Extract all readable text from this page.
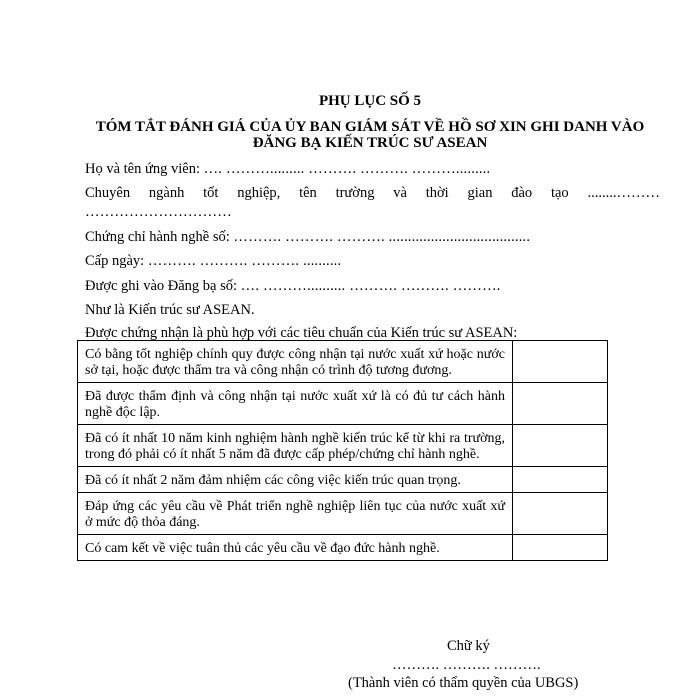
PHỤ LỤC SỐ 5
TÓM TẮT ĐÁNH GIÁ CỦA ỦY BAN GIÁM SÁT VỀ HỒ SƠ XIN GHI DANH VÀO
ĐĂNG BẠ KIẾN TRÚC SƯ ASEAN
Họ và tên ứng viên: …. ………......... ………. ………. ……….........
Chuyên ngành tốt nghiệp, tên trường và thời gian đào tạo ........………
…………………………
Chứng chỉ hành nghề số: ………. ………. ………. .....................................
Cấp ngày: ………. ………. ………. ..........
Được ghi vào Đăng bạ số: …. ……….......... ………. ………. ……….
Như là Kiến trúc sư ASEAN.
Được chứng nhận là phù hợp với các tiêu chuẩn của Kiến trúc sư ASEAN:
Có bằng tốt nghiệp chính quy được công nhận tại nước xuất xứ hoặc nước sở tại, hoặc được thẩm tra và công nhận có trình độ tương đương.	
Đã được thẩm định và công nhận tại nước xuất xứ là có đủ tư cách hành nghề độc lập.	
Đã có ít nhất 10 năm kinh nghiệm hành nghề kiến trúc kể từ khi ra trường, trong đó phải có ít nhất 5 năm đã được cấp phép/chứng chỉ hành nghề.	
Đã có ít nhất 2 năm đảm nhiệm các công việc kiến trúc quan trọng.	
Đáp ứng các yêu cầu về Phát triển nghề nghiệp liên tục của nước xuất xứ ở mức độ thỏa đáng.	
Có cam kết về việc tuân thủ các yêu cầu về đạo đức hành nghề.	
Chữ ký
………. ………. ……….
(Thành viên có thẩm quyền của UBGS)
